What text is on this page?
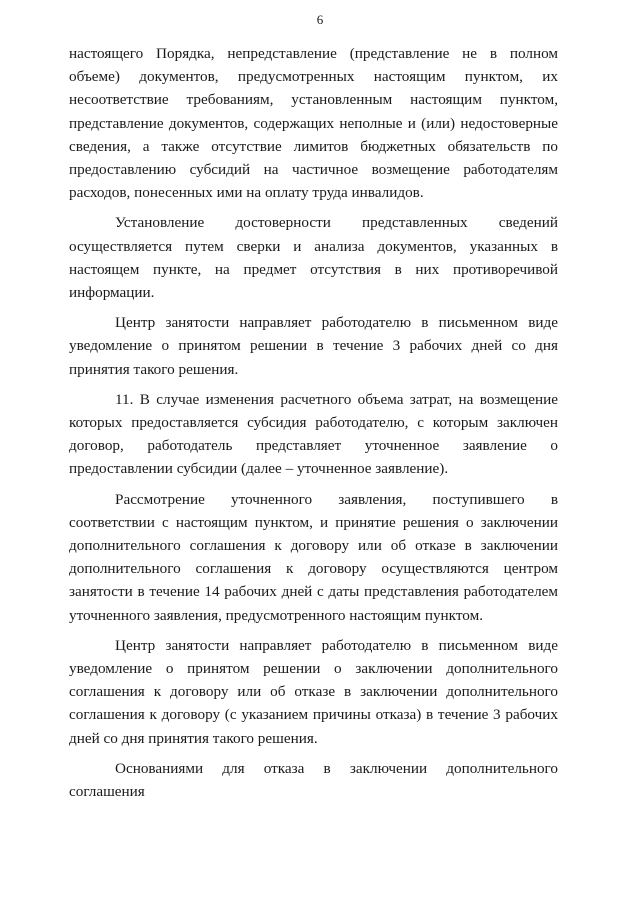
6

настоящего Порядка, непредставление (представление не в полном объеме) документов, предусмотренных настоящим пунктом, их несоответствие требованиям, установленным настоящим пунктом, представление документов, содержащих неполные и (или) недостоверные сведения, а также отсутствие лимитов бюджетных обязательств по предоставлению субсидий на частичное возмещение работодателям расходов, понесенных ими на оплату труда инвалидов.

Установление достоверности представленных сведений осуществляется путем сверки и анализа документов, указанных в настоящем пункте, на предмет отсутствия в них противоречивой информации.

Центр занятости направляет работодателю в письменном виде уведомление о принятом решении в течение 3 рабочих дней со дня принятия такого решения.

11. В случае изменения расчетного объема затрат, на возмещение которых предоставляется субсидия работодателю, с которым заключен договор, работодатель представляет уточненное заявление о предоставлении субсидии (далее – уточненное заявление).

Рассмотрение уточненного заявления, поступившего в соответствии с настоящим пунктом, и принятие решения о заключении дополнительного соглашения к договору или об отказе в заключении дополнительного соглашения к договору осуществляются центром занятости в течение 14 рабочих дней с даты представления работодателем уточненного заявления, предусмотренного настоящим пунктом.

Центр занятости направляет работодателю в письменном виде уведомление о принятом решении о заключении дополнительного соглашения к договору или об отказе в заключении дополнительного соглашения к договору (с указанием причины отказа) в течение 3 рабочих дней со дня принятия такого решения.

Основаниями для отказа в заключении дополнительного соглашения
